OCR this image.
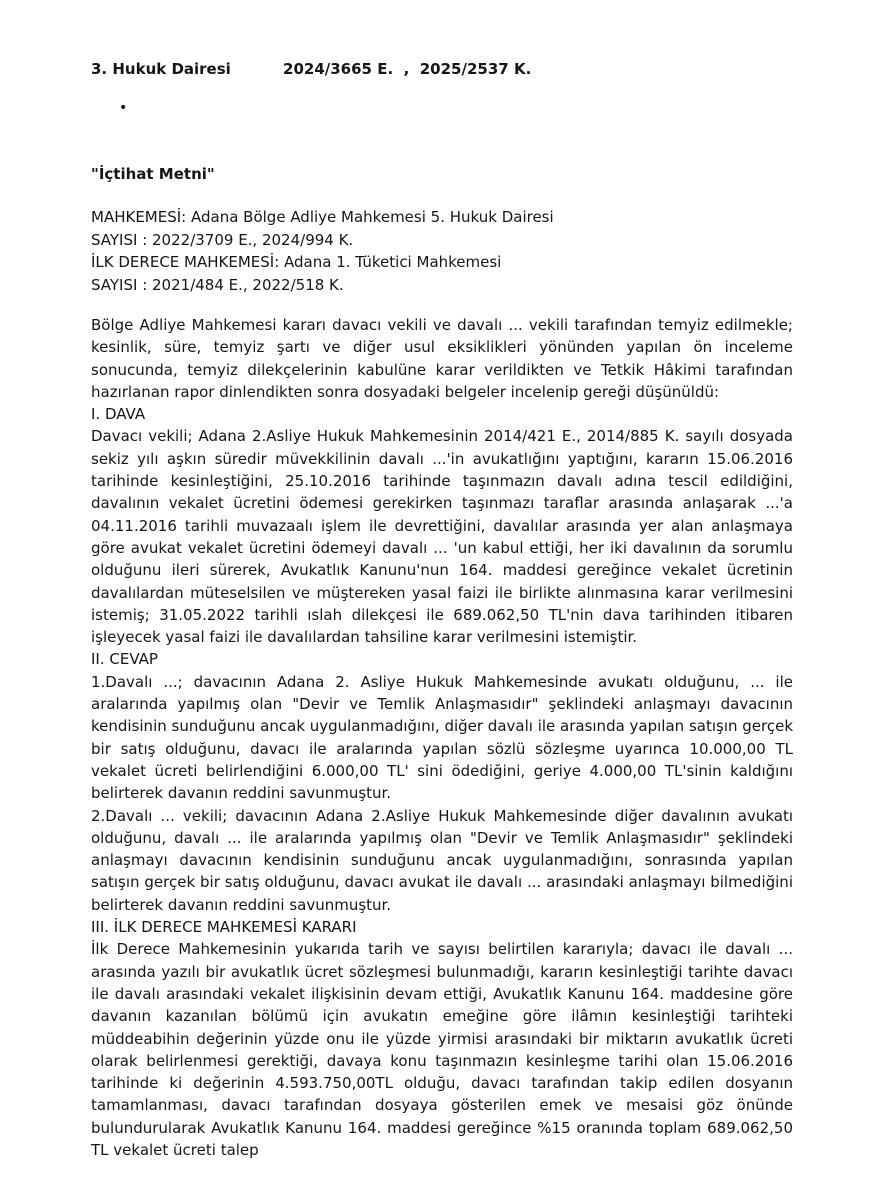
3. Hukuk Dairesi          2024/3665 E.  ,  2025/2537 K.
•
"İçtihat Metni"
MAHKEMESİ: Adana Bölge Adliye Mahkemesi 5. Hukuk Dairesi
SAYISI : 2022/3709 E., 2024/994 K.
İLK DERECE MAHKEMESİ: Adana 1. Tüketici Mahkemesi
SAYISI : 2021/484 E., 2022/518 K.

Bölge Adliye Mahkemesi kararı davacı vekili ve davalı ... vekili tarafından temyiz edilmekle; kesinlik, süre, temyiz şartı ve diğer usul eksiklikleri yönünden yapılan ön inceleme sonucunda, temyiz dilekçelerinin kabulüne karar verildikten ve Tetkik Hâkimi tarafından hazırlanan rapor dinlendikten sonra dosyadaki belgeler incelenip gereği düşünüldü:

I. DAVA

Davacı vekili; Adana 2.Asliye Hukuk Mahkemesinin 2014/421 E., 2014/885 K. sayılı dosyada sekiz yılı aşkın süredir müvekkilinin davalı ...'in avukatlığını yaptığını, kararın 15.06.2016 tarihinde kesinleştiğini, 25.10.2016 tarihinde taşınmazın davalı adına tescil edildiğini, davalının vekalet ücretini ödemesi gerekirken taşınmazı taraflar arasında anlaşarak ...'a 04.11.2016 tarihli muvazaalı işlem ile devrettiğini, davalılar arasında yer alan anlaşmaya göre avukat vekalet ücretini ödemeyi davalı ... 'un kabul ettiği, her iki davalının da sorumlu olduğunu ileri sürerek, Avukatlık Kanunu'nun 164. maddesi gereğince vekalet ücretinin davalılardan müteselsilen ve müştereken yasal faizi ile birlikte alınmasına karar verilmesini istemiş; 31.05.2022 tarihli ıslah dilekçesi ile 689.062,50 TL'nin dava tarihinden itibaren işleyecek yasal faizi ile davalılardan tahsiline karar verilmesini istemiştir.

II. CEVAP

1.Davalı ...; davacının Adana 2. Asliye Hukuk Mahkemesinde avukatı olduğunu, ... ile aralarında yapılmış olan "Devir ve Temlik Anlaşmasıdır" şeklindeki anlaşmayı davacının kendisinin sunduğunu ancak uygulanmadığını, diğer davalı ile arasında yapılan satışın gerçek bir satış olduğunu, davacı ile aralarında yapılan sözlü sözleşme uyarınca 10.000,00 TL vekalet ücreti belirlendiğini 6.000,00 TL' sini ödediğini, geriye 4.000,00 TL'sinin kaldığını belirterek davanın reddini savunmuştur.

2.Davalı ... vekili; davacının Adana 2.Asliye Hukuk Mahkemesinde diğer davalının avukatı olduğunu, davalı ... ile aralarında yapılmış olan "Devir ve Temlik Anlaşmasıdır" şeklindeki anlaşmayı davacının kendisinin sunduğunu ancak uygulanmadığını, sonrasında yapılan satışın gerçek bir satış olduğunu, davacı avukat ile davalı ... arasındaki anlaşmayı bilmediğini belirterek davanın reddini savunmuştur.

III. İLK DERECE MAHKEMESİ KARARI

İlk Derece Mahkemesinin yukarıda tarih ve sayısı belirtilen kararıyla; davacı ile davalı ... arasında yazılı bir avukatlık ücret sözleşmesi bulunmadığı, kararın kesinleştiği tarihte davacı ile davalı arasındaki vekalet ilişkisinin devam ettiği, Avukatlık Kanunu 164. maddesine göre davanın kazanılan bölümü için avukatın emeğine göre ilâmın kesinleştiği tarihteki müddeabihin değerinin yüzde onu ile yüzde yirmisi arasındaki bir miktarın avukatlık ücreti olarak belirlenmesi gerektiği, davaya konu taşınmazın kesinleşme tarihi olan 15.06.2016 tarihinde ki değerinin 4.593.750,00TL olduğu, davacı tarafından takip edilen dosyanın tamamlanması, davacı tarafından dosyaya gösterilen emek ve mesaisi göz önünde bulundurularak Avukatlık Kanunu 164. maddesi gereğince %15 oranında toplam 689.062,50 TL vekalet ücreti talep
